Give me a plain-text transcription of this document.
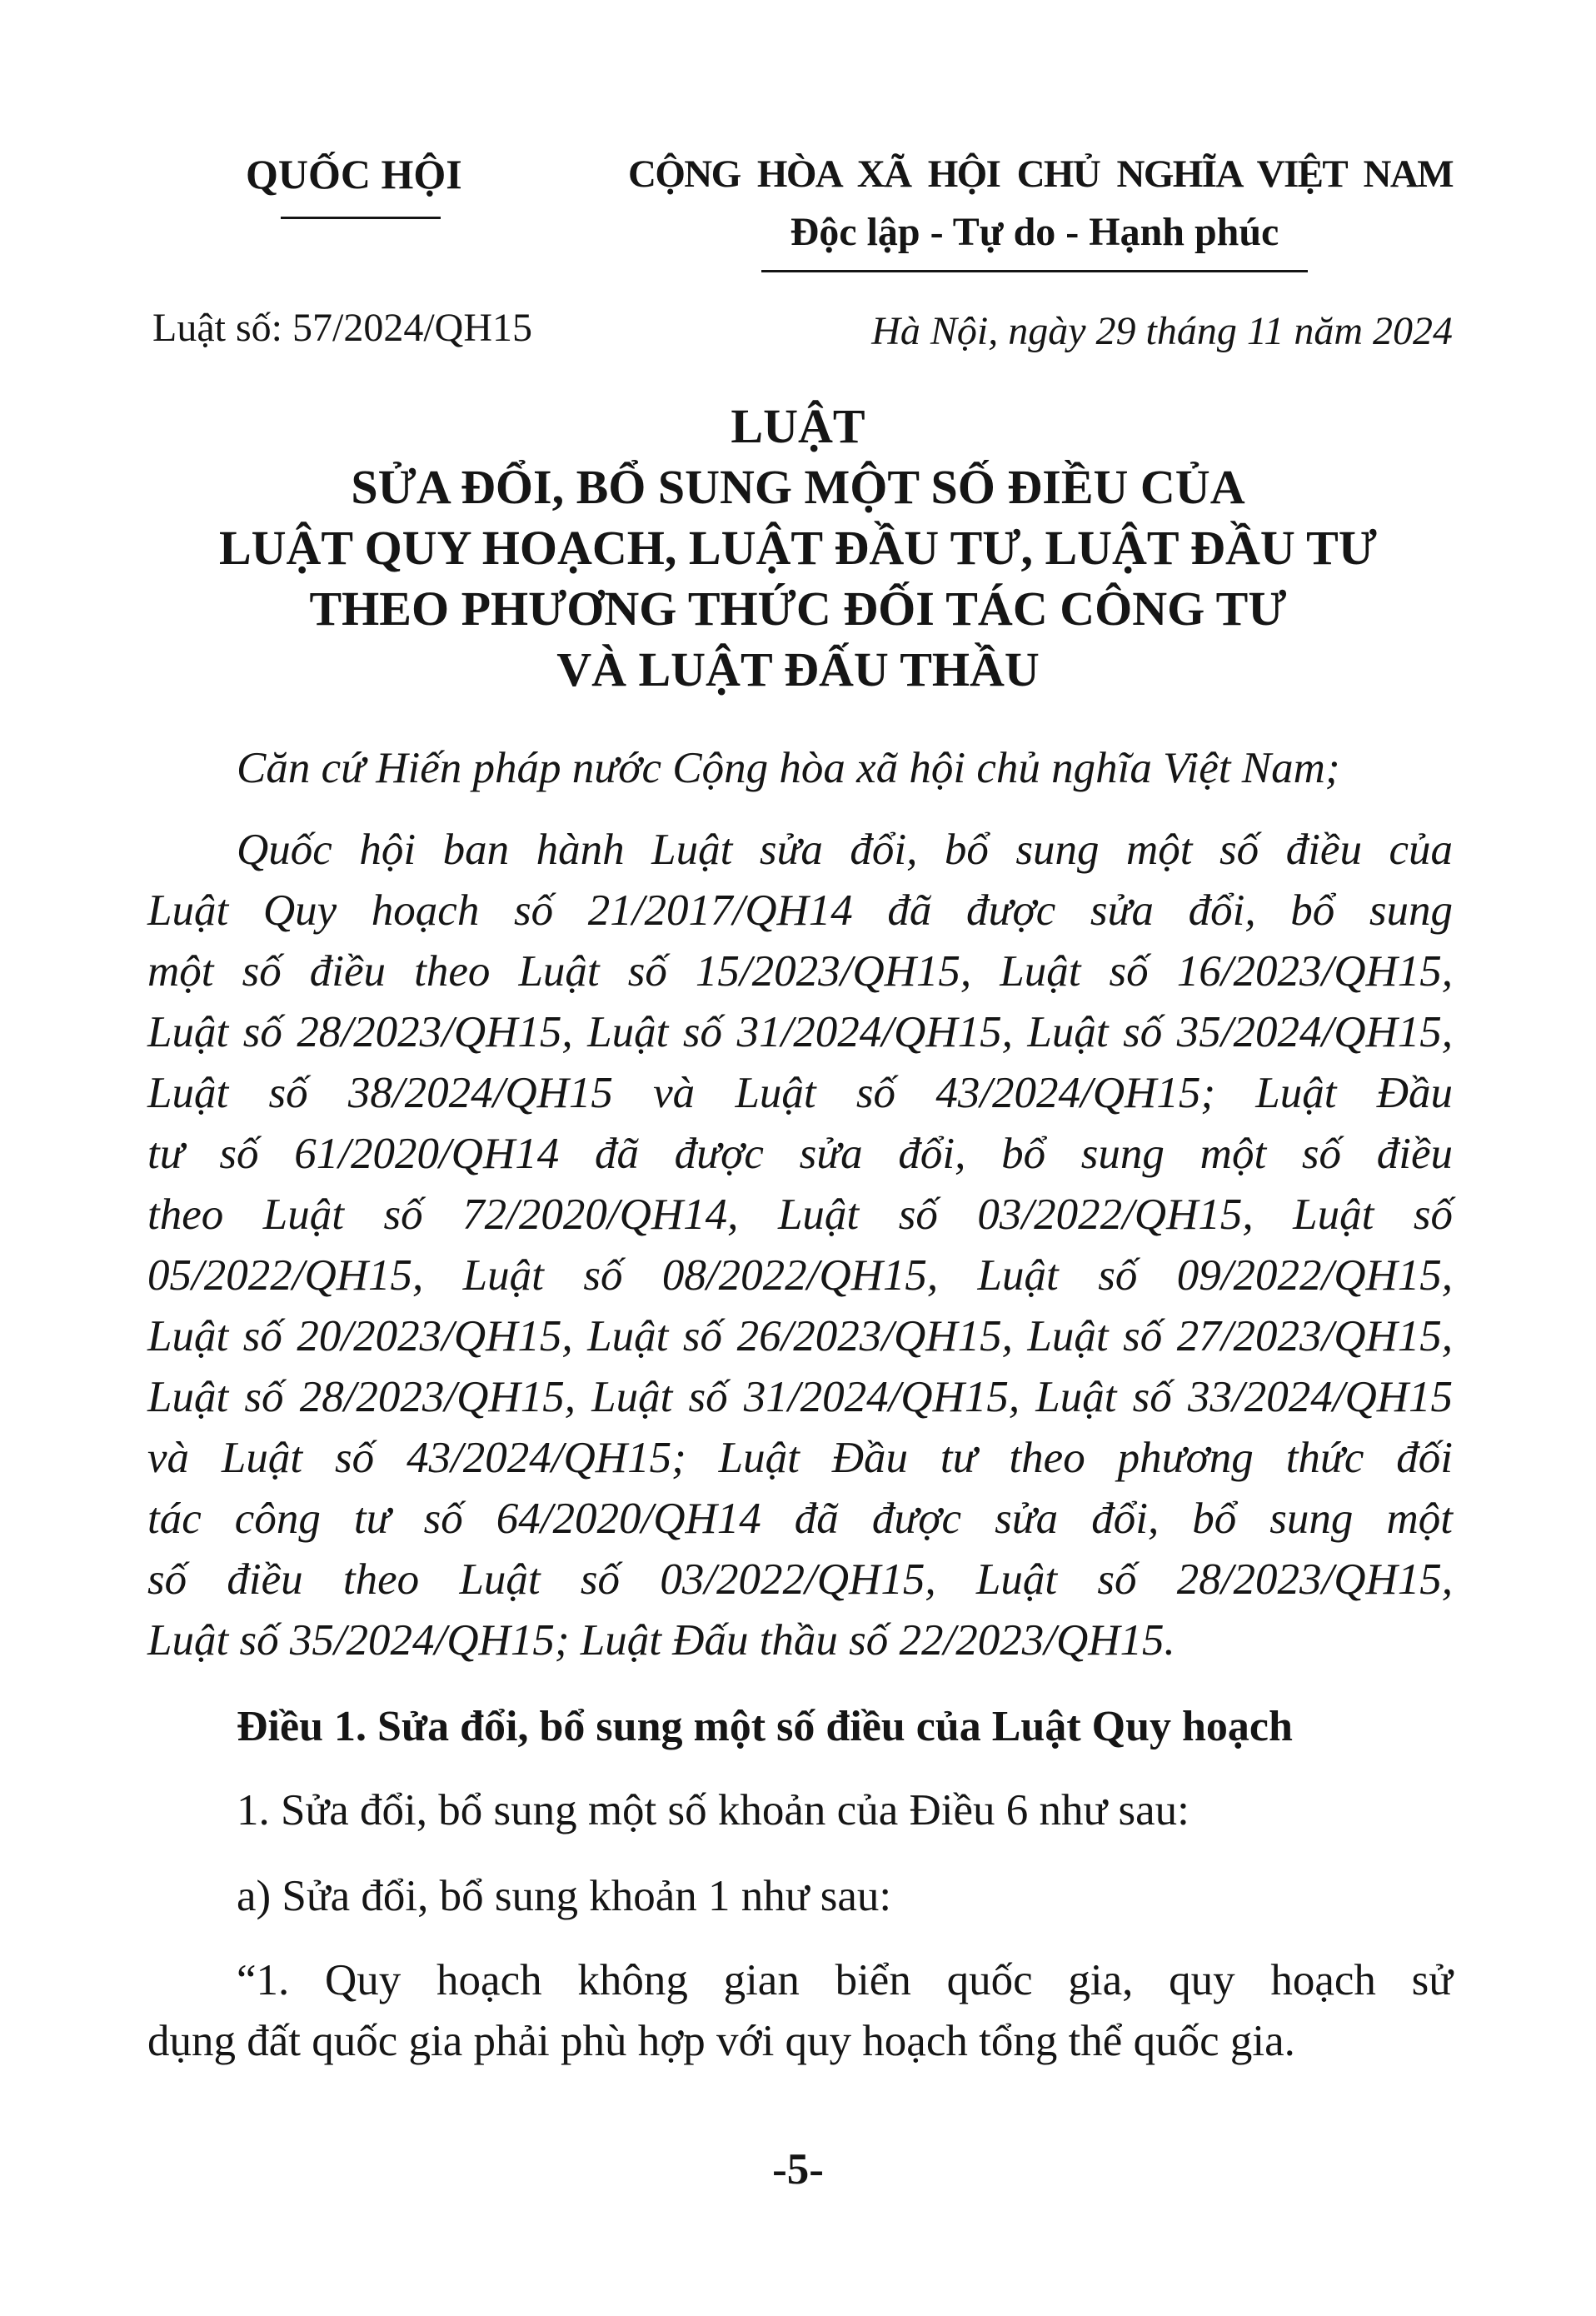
QUỐC HỘI	CỘNG HÒA XÃ HỘI CHỦ NGHĨA VIỆT NAM
Độc lập - Tự do - Hạnh phúc
Luật số: 57/2024/QH15	Hà Nội, ngày 29 tháng 11 năm 2024
LUẬT
SỬA ĐỔI, BỔ SUNG MỘT SỐ ĐIỀU CỦA
LUẬT QUY HOẠCH, LUẬT ĐẦU TƯ, LUẬT ĐẦU TƯ
THEO PHƯƠNG THỨC ĐỐI TÁC CÔNG TƯ
VÀ LUẬT ĐẤU THẦU
Căn cứ Hiến pháp nước Cộng hòa xã hội chủ nghĩa Việt Nam;
Quốc hội ban hành Luật sửa đổi, bổ sung một số điều của
Luật Quy hoạch số 21/2017/QH14 đã được sửa đổi, bổ sung
một số điều theo Luật số 15/2023/QH15, Luật số 16/2023/QH15,
Luật số 28/2023/QH15, Luật số 31/2024/QH15, Luật số 35/2024/QH15,
Luật số 38/2024/QH15 và Luật số 43/2024/QH15; Luật Đầu
tư số 61/2020/QH14 đã được sửa đổi, bổ sung một số điều
theo Luật số 72/2020/QH14, Luật số 03/2022/QH15, Luật số
05/2022/QH15, Luật số 08/2022/QH15, Luật số 09/2022/QH15,
Luật số 20/2023/QH15, Luật số 26/2023/QH15, Luật số 27/2023/QH15,
Luật số 28/2023/QH15, Luật số 31/2024/QH15, Luật số 33/2024/QH15
và Luật số 43/2024/QH15; Luật Đầu tư theo phương thức đối
tác công tư số 64/2020/QH14 đã được sửa đổi, bổ sung một
số điều theo Luật số 03/2022/QH15, Luật số 28/2023/QH15,
Luật số 35/2024/QH15; Luật Đấu thầu số 22/2023/QH15.
Điều 1. Sửa đổi, bổ sung một số điều của Luật Quy hoạch
1. Sửa đổi, bổ sung một số khoản của Điều 6 như sau:
a) Sửa đổi, bổ sung khoản 1 như sau:
“1. Quy hoạch không gian biển quốc gia, quy hoạch sử
dụng đất quốc gia phải phù hợp với quy hoạch tổng thể quốc gia.
-5-
